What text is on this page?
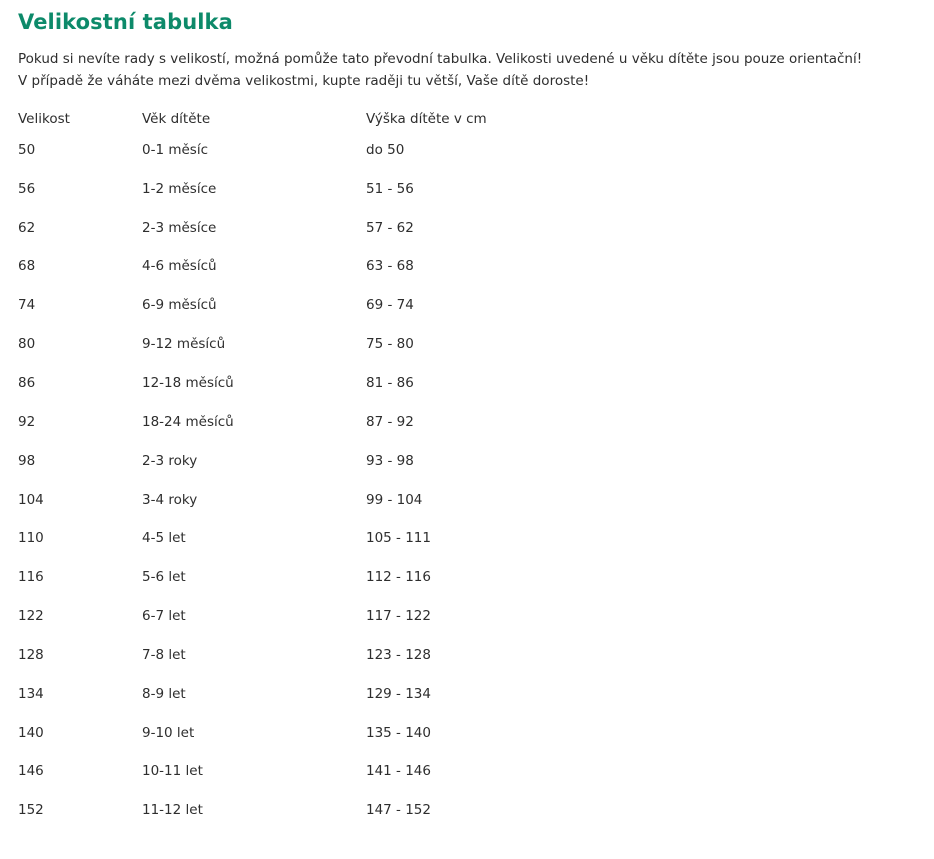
Velikostní tabulka

Pokud si nevíte rady s velikostí, možná pomůže tato převodní tabulka. Velikosti uvedené u věku dítěte jsou pouze orientační!

V případě že váháte mezi dvěma velikostmi, kupte raději tu větší, Vaše dítě doroste!

Velikost	Věk dítěte	Výška dítěte v cm
50	0-1 měsíc	do 50
56	1-2 měsíce	51 - 56
62	2-3 měsíce	57 - 62
68	4-6 měsíců	63 - 68
74	6-9 měsíců	69 - 74
80	9-12 měsíců	75 - 80
86	12-18 měsíců	81 - 86
92	18-24 měsíců	87 - 92
98	2-3 roky	93 - 98
104	3-4 roky	99 - 104
110	4-5 let	105 - 111
116	5-6 let	112 - 116
122	6-7 let	117 - 122
128	7-8 let	123 - 128
134	8-9 let	129 - 134
140	9-10 let	135 - 140
146	10-11 let	141 - 146
152	11-12 let	147 - 152
